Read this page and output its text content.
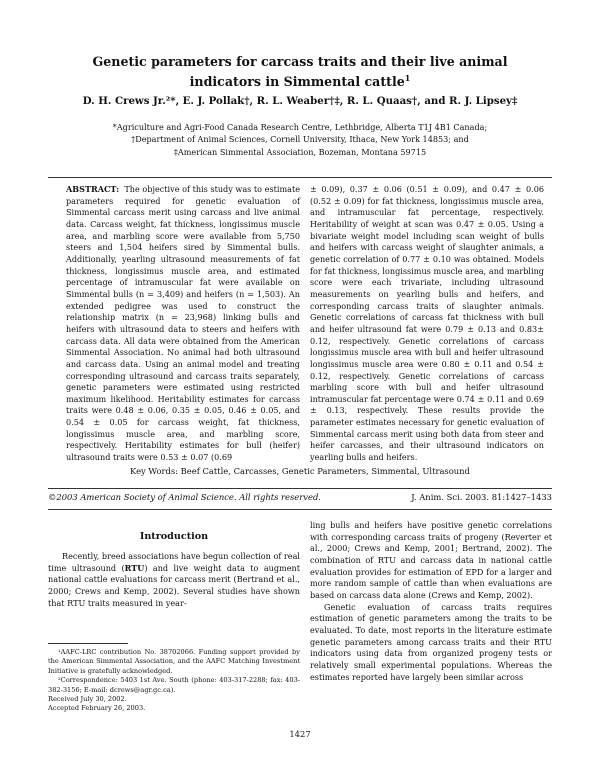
Genetic parameters for carcass traits and their live animal
indicators in Simmental cattle$^1$
D. H. Crews Jr.²*, E. J. Pollak†, R. L. Weaber†‡, R. L. Quaas†, and R. J. Lipsey‡
*Agriculture and Agri-Food Canada Research Centre, Lethbridge, Alberta T1J 4B1 Canada;
†Department of Animal Sciences, Cornell University, Ithaca, New York 14853; and
‡American Simmental Association, Bozeman, Montana 59715
ABSTRACT: The objective of this study was to estimate parameters required for genetic evaluation of Simmental carcass merit using carcass and live animal data. Carcass weight, fat thickness, longissimus muscle area, and marbling score were available from 5,750 steers and 1,504 heifers sired by Simmental bulls. Additionally, yearling ultrasound measurements of fat thickness, longissimus muscle area, and estimated percentage of intramuscular fat were available on Simmental bulls (n = 3,409) and heifers (n = 1,503). An extended pedigree was used to construct the relationship matrix (n = 23,968) linking bulls and heifers with ultrasound data to steers and heifers with carcass data. All data were obtained from the American Simmental Association. No animal had both ultrasound and carcass data. Using an animal model and treating corresponding ultrasound and carcass traits separately, genetic parameters were estimated using restricted maximum likelihood. Heritability estimates for carcass traits were 0.48 ± 0.06, 0.35 ± 0.05, 0.46 ± 0.05, and 0.54 ± 0.05 for carcass weight, fat thickness, longissimus muscle area, and marbling score, respectively. Heritability estimates for bull (heifer) ultrasound traits were 0.53 ± 0.07 (0.69
± 0.09), 0.37 ± 0.06 (0.51 ± 0.09), and 0.47 ± 0.06 (0.52 ± 0.09) for fat thickness, longissimus muscle area, and intramuscular fat percentage, respectively. Heritability of weight at scan was 0.47 ± 0.05. Using a bivariate weight model including scan weight of bulls and heifers with carcass weight of slaughter animals, a genetic correlation of 0.77 ± 0.10 was obtained. Models for fat thickness, longissimus muscle area, and marbling score were each trivariate, including ultrasound measurements on yearling bulls and heifers, and corresponding carcass traits of slaughter animals. Genetic correlations of carcass fat thickness with bull and heifer ultrasound fat were 0.79 ± 0.13 and 0.83± 0.12, respectively. Genetic correlations of carcass longissimus muscle area with bull and heifer ultrasound longissimus muscle area were 0.80 ± 0.11 and 0.54 ± 0.12, respectively. Genetic correlations of carcass marbling score with bull and heifer ultrasound intramuscular fat percentage were 0.74 ± 0.11 and 0.69 ± 0.13, respectively. These results provide the parameter estimates necessary for genetic evaluation of Simmental carcass merit using both data from steer and heifer carcasses, and their ultrasound indicators on yearling bulls and heifers.
Key Words: Beef Cattle, Carcasses, Genetic Parameters, Simmental, Ultrasound
©2003 American Society of Animal Science. All rights reserved.	J. Anim. Sci. 2003. 81:1427–1433
Introduction

Recently, breed associations have begun collection of real time ultrasound (RTU) and live weight data to augment national cattle evaluations for carcass merit (Bertrand et al., 2000; Crews and Kemp, 2002). Several studies have shown that RTU traits measured in year-

ling bulls and heifers have positive genetic correlations with corresponding carcass traits of progeny (Reverter et al., 2000; Crews and Kemp, 2001; Bertrand, 2002). The combination of RTU and carcass data in national cattle evaluation provides for estimation of EPD for a larger and more random sample of cattle than when evaluations are based on carcass data alone (Crews and Kemp, 2002).

Genetic evaluation of carcass traits requires estimation of genetic parameters among the traits to be evaluated. To date, most reports in the literature estimate genetic parameters among carcass traits and their RTU indicators using data from organized progeny tests or relatively small experimental populations. Whereas the estimates reported have largely been similar across

¹AAFC-LRC contribution No. 38702066. Funding support provided by the American Simmental Association, and the AAFC Matching Investment Initiative is gratefully acknowledged.
²Correspondence: 5403 1st Ave. South (phone: 403-317-2288; fax: 403-382-3156; E-mail: dcrews@agr.gc.ca).
Received July 30, 2002.
Accepted February 26, 2003.
1427
